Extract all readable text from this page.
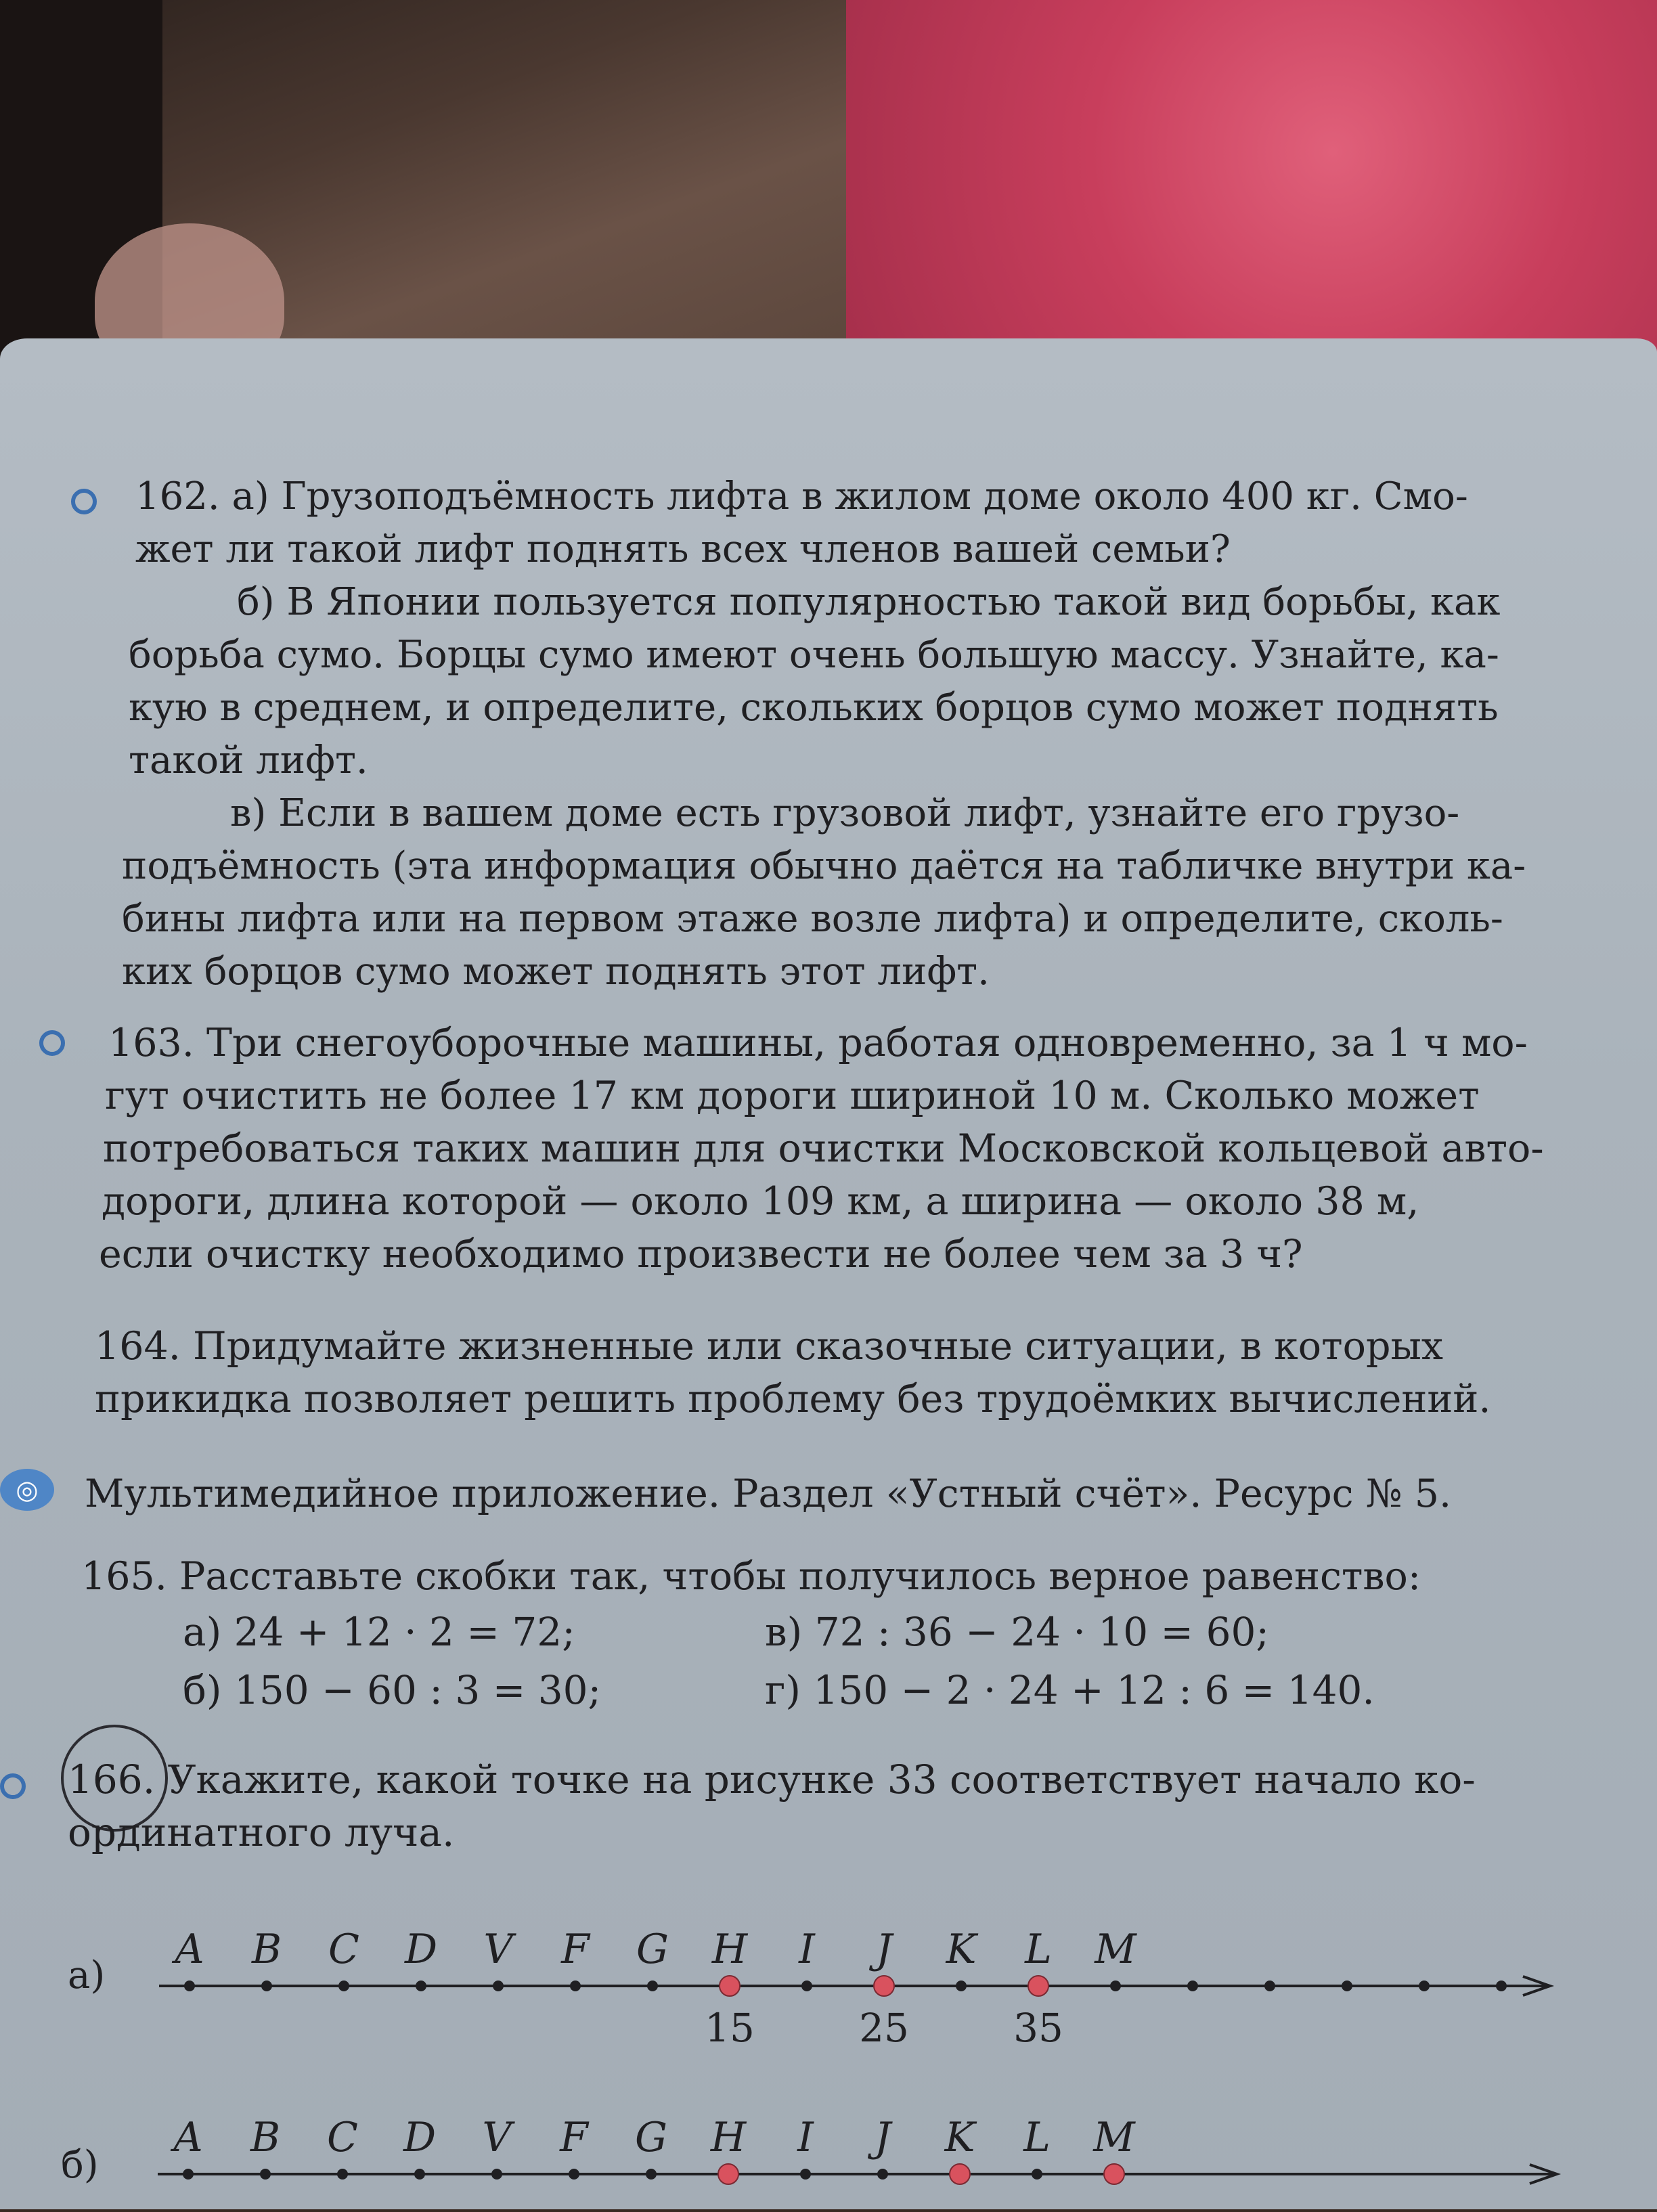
162. а) Грузоподъёмность лифта в жилом доме около 400 кг. Смо-
жет ли такой лифт поднять всех членов вашей семьи?
б) В Японии пользуется популярностью такой вид борьбы, как
борьба сумо. Борцы сумо имеют очень большую массу. Узнайте, ка-
кую в среднем, и определите, скольких борцов сумо может поднять
такой лифт.
в) Если в вашем доме есть грузовой лифт, узнайте его грузо-
подъёмность (эта информация обычно даётся на табличке внутри ка-
бины лифта или на первом этаже возле лифта) и определите, сколь-
ких борцов сумо может поднять этот лифт.
163. Три снегоуборочные машины, работая одновременно, за 1 ч мо-
гут очистить не более 17 км дороги шириной 10 м. Сколько может
потребоваться таких машин для очистки Московской кольцевой авто-
дороги, длина которой — около 109 км, а ширина — около 38 м,
если очистку необходимо произвести не более чем за 3 ч?
164. Придумайте жизненные или сказочные ситуации, в которых
прикидка позволяет решить проблему без трудоёмких вычислений.
◎	Мультимедийное приложение. Раздел «Устный счёт». Ресурс № 5.
165. Расставьте скобки так, чтобы получилось верное равенство:
а) 24 + 12 · 2 = 72;
б) 150 − 60 : 3 = 30;
в) 72 : 36 − 24 · 10 = 60;
г) 150 − 2 · 24 + 12 : 6 = 140.
166. Укажите, какой точке на рисунке 33 соответствует начало ко-
ординатного луча.
а)
A B C D V F G H
15
I J
25
K L
35
M
б)
A B C D V F G H I J K L M
